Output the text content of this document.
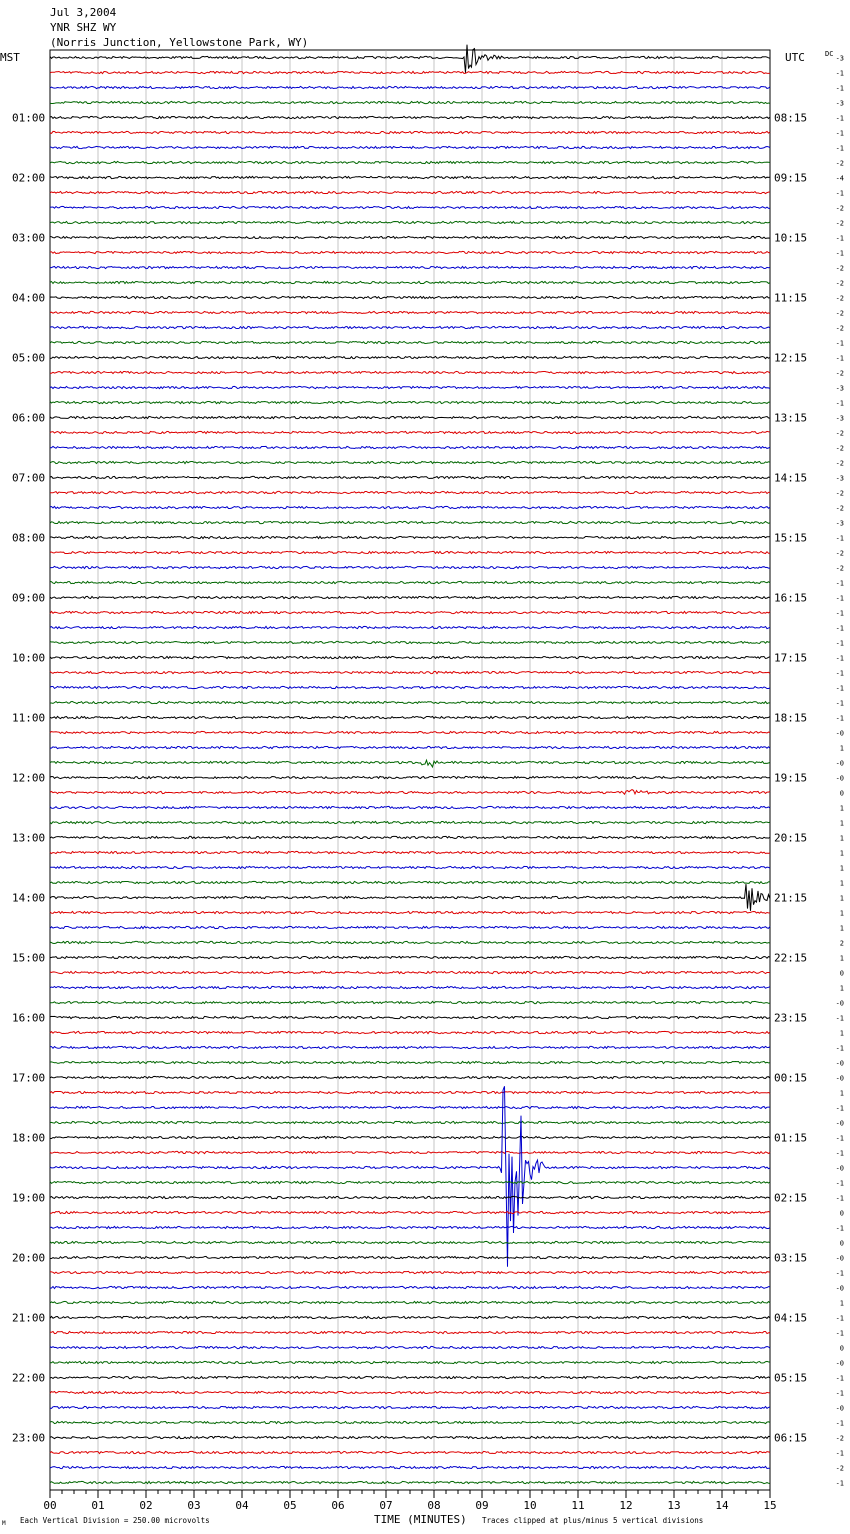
Jul 3,2004
YNR SHZ WY
(Norris Junction, Yellowstone Park, WY)
MST	UTC	DC
01:00
02:00
03:00
04:00
05:00
06:00
07:00
08:00
09:00
10:00
11:00
12:00
13:00
14:00
15:00
16:00
17:00
18:00
19:00
20:00
21:00
22:00
23:00
08:15
09:15
10:15
11:15
12:15
13:15
14:15
15:15
16:15
17:15
18:15
19:15
20:15
21:15
22:15
23:15
00:15
01:15
02:15
03:15
04:15
05:15
06:15
-3
-1
-1
-3
-1
-1
-1
-2
-4
-1
-2
-2
-1
-1
-2
-2
-2
-2
-2
-1
-1
-2
-3
-1
-3
-2
-2
-2
-3
-2
-2
-3
-1
-2
-2
-1
-1
-1
-1
-1
-1
-1
-1
-1
-1
-0
1
-0
-0
0
1
1
1
1
1
1
1
1
1
2
1
0
1
-0
-1
1
-1
-0
-0
1
-1
-0
-1
-1
-0
-1
-1
0
-1
0
-0
-1
-0
1
-1
-1
0
-0
-1
-1
-0
-1
-2
-1
-2
-1
00	01	02	03	04	05	06	07	08	09	10	11	12	13	14	15
TIME (MINUTES)
Each Vertical Division = 250.00 microvolts	Traces clipped at plus/minus 5 vertical divisions
M
